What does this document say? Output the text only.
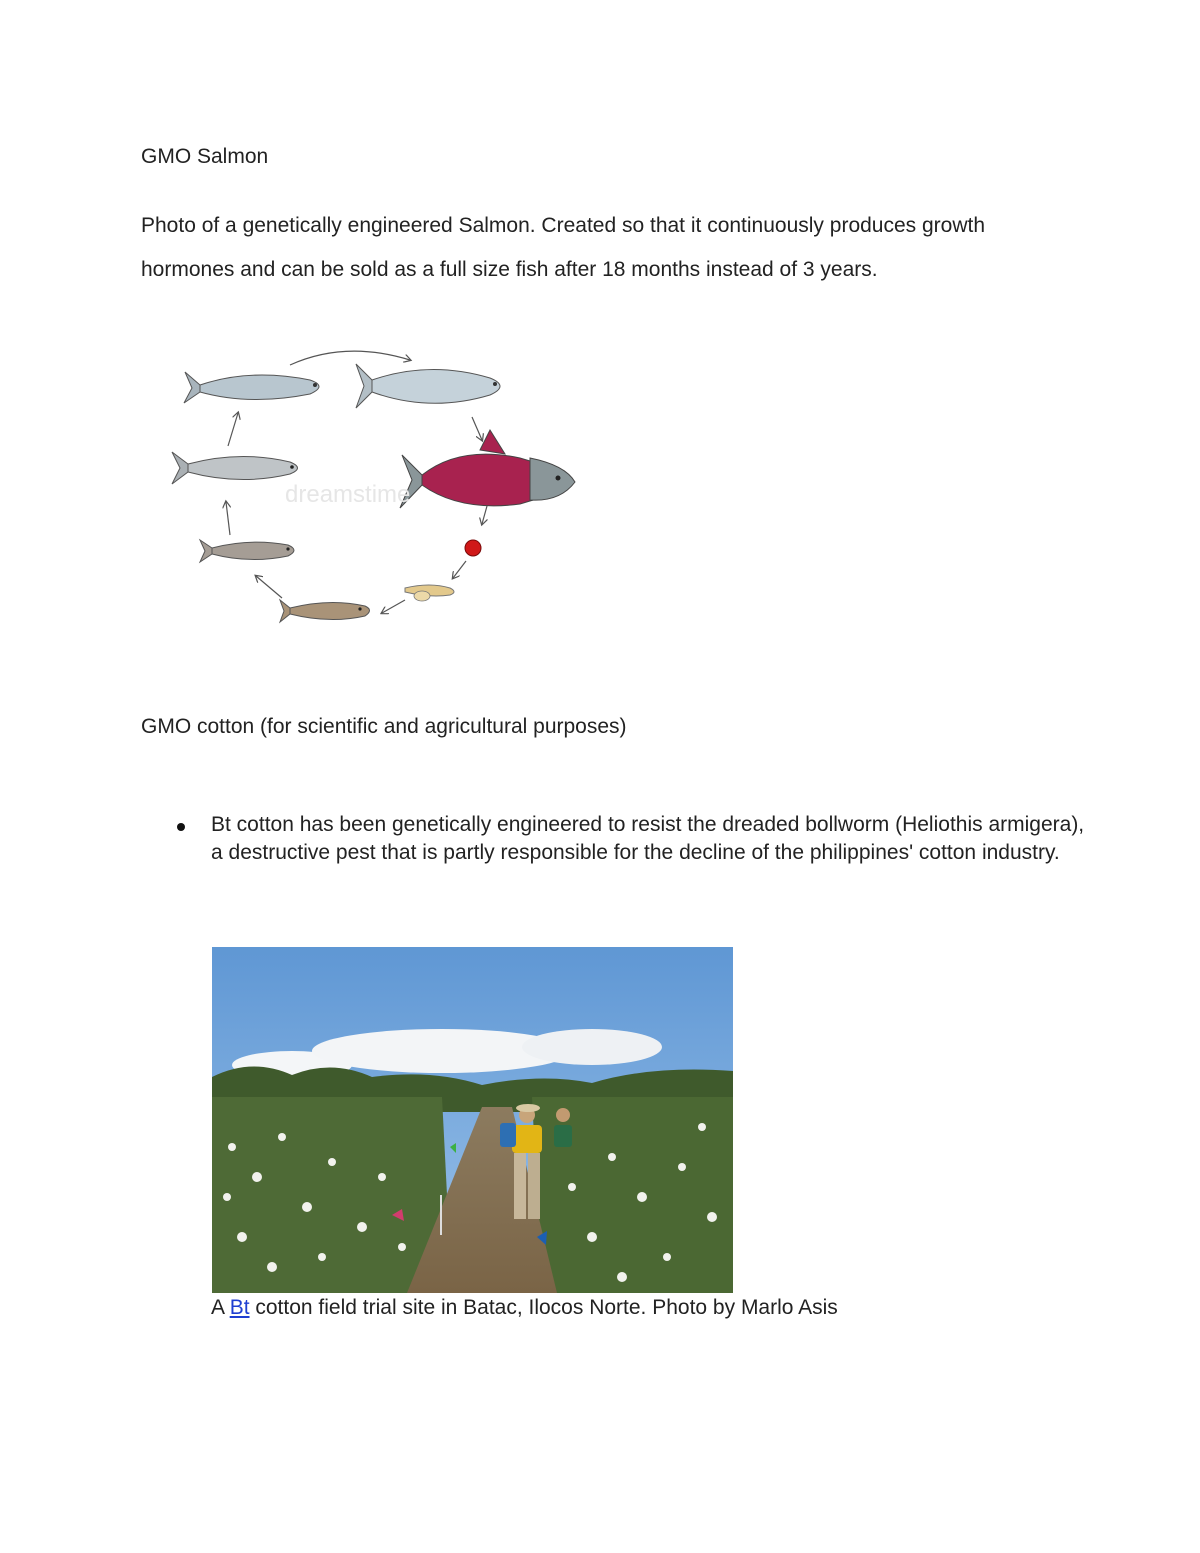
GMO Salmon
Photo of a genetically engineered Salmon. Created so that it continuously produces growth hormones and can be sold as a full size fish after 18 months instead of 3 years.
dreamstime
GMO cotton (for scientific and agricultural purposes)
Bt cotton has been genetically engineered to resist the dreaded bollworm (Heliothis armigera), a destructive pest that is partly responsible for the decline of the philippines' cotton industry.
A Bt cotton field trial site in Batac, Ilocos Norte. Photo by Marlo Asis
